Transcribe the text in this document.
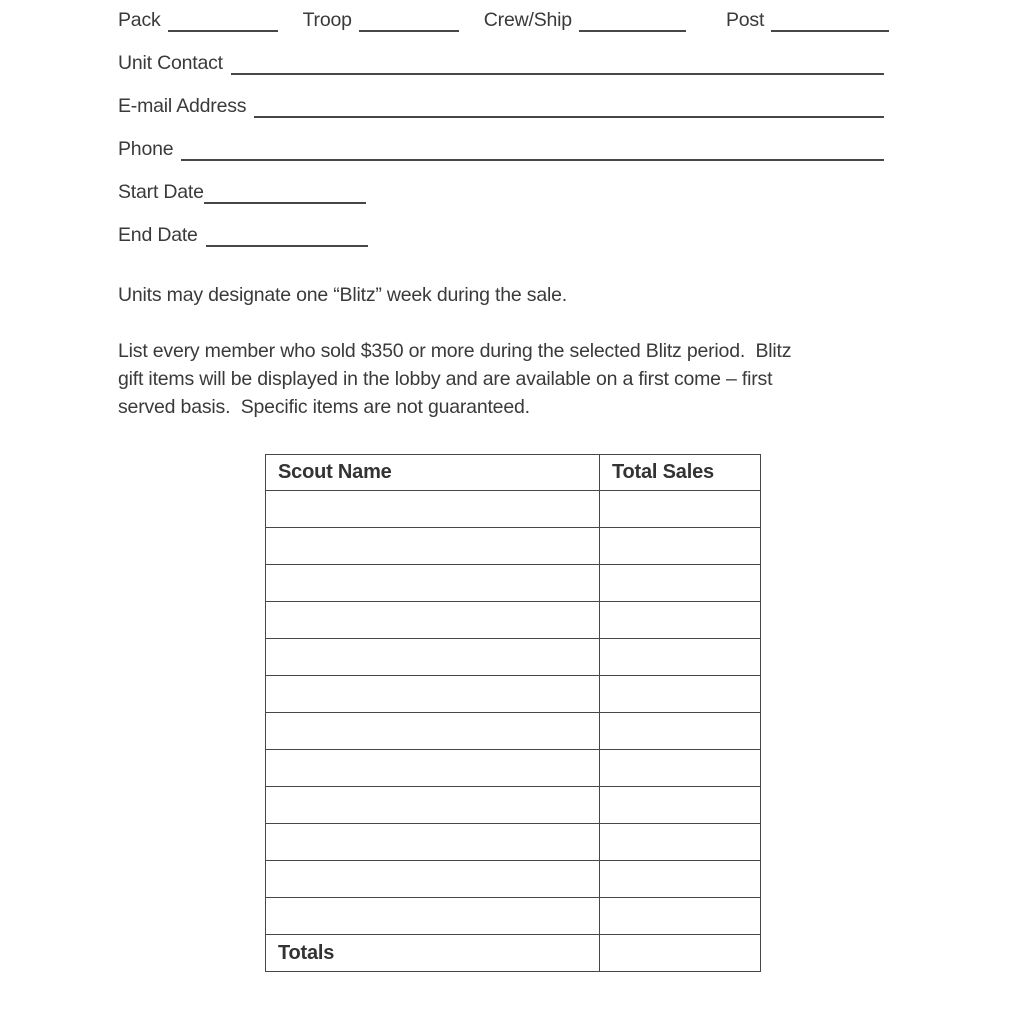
Pack	Troop	Crew/Ship	Post
Unit Contact
E-mail Address
Phone
Start Date
End Date
Units may designate one “Blitz” week during the sale.
List every member who sold $350 or more during the selected Blitz period.  Blitz
gift items will be displayed in the lobby and are available on a first come – first
served basis.  Specific items are not guaranteed.
Scout Name	Total Sales

Totals	
